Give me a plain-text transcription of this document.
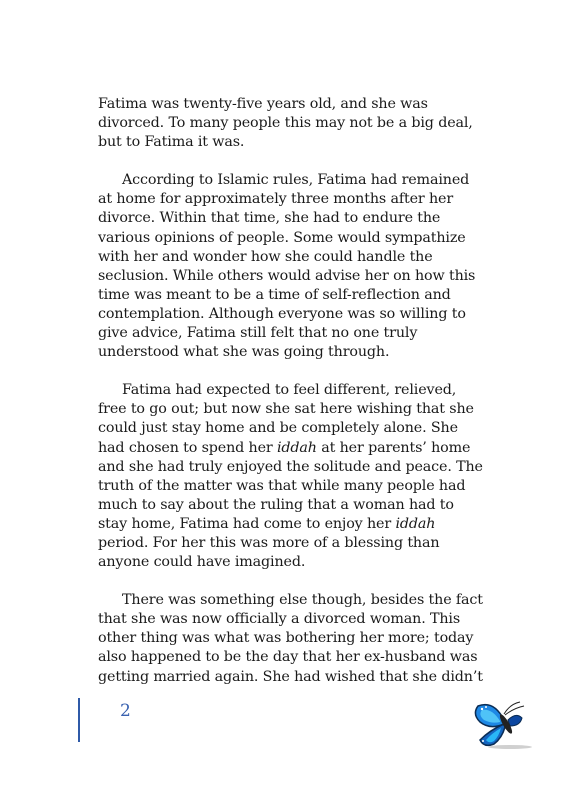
Fatima was twenty-five years old, and she was divorced. To many people this may not be a big deal, but to Fatima it was.

According to Islamic rules, Fatima had remained at home for approximately three months after her divorce. Within that time, she had to endure the various opinions of people. Some would sympathize with her and wonder how she could handle the seclusion. While others would advise her on how this time was meant to be a time of self-reflection and contemplation. Although everyone was so willing to give advice, Fatima still felt that no one truly understood what she was going through.

Fatima had expected to feel different, relieved, free to go out; but now she sat here wishing that she could just stay home and be completely alone. She had chosen to spend her iddah at her parents’ home and she had truly enjoyed the solitude and peace. The truth of the matter was that while many people had much to say about the ruling that a woman had to stay home, Fatima had come to enjoy her iddah period. For her this was more of a blessing than anyone could have imagined.

There was something else though, besides the fact that she was now officially a divorced woman. This other thing was what was bothering her more; today also happened to be the day that her ex-husband was getting married again. She had wished that she didn’t

2
